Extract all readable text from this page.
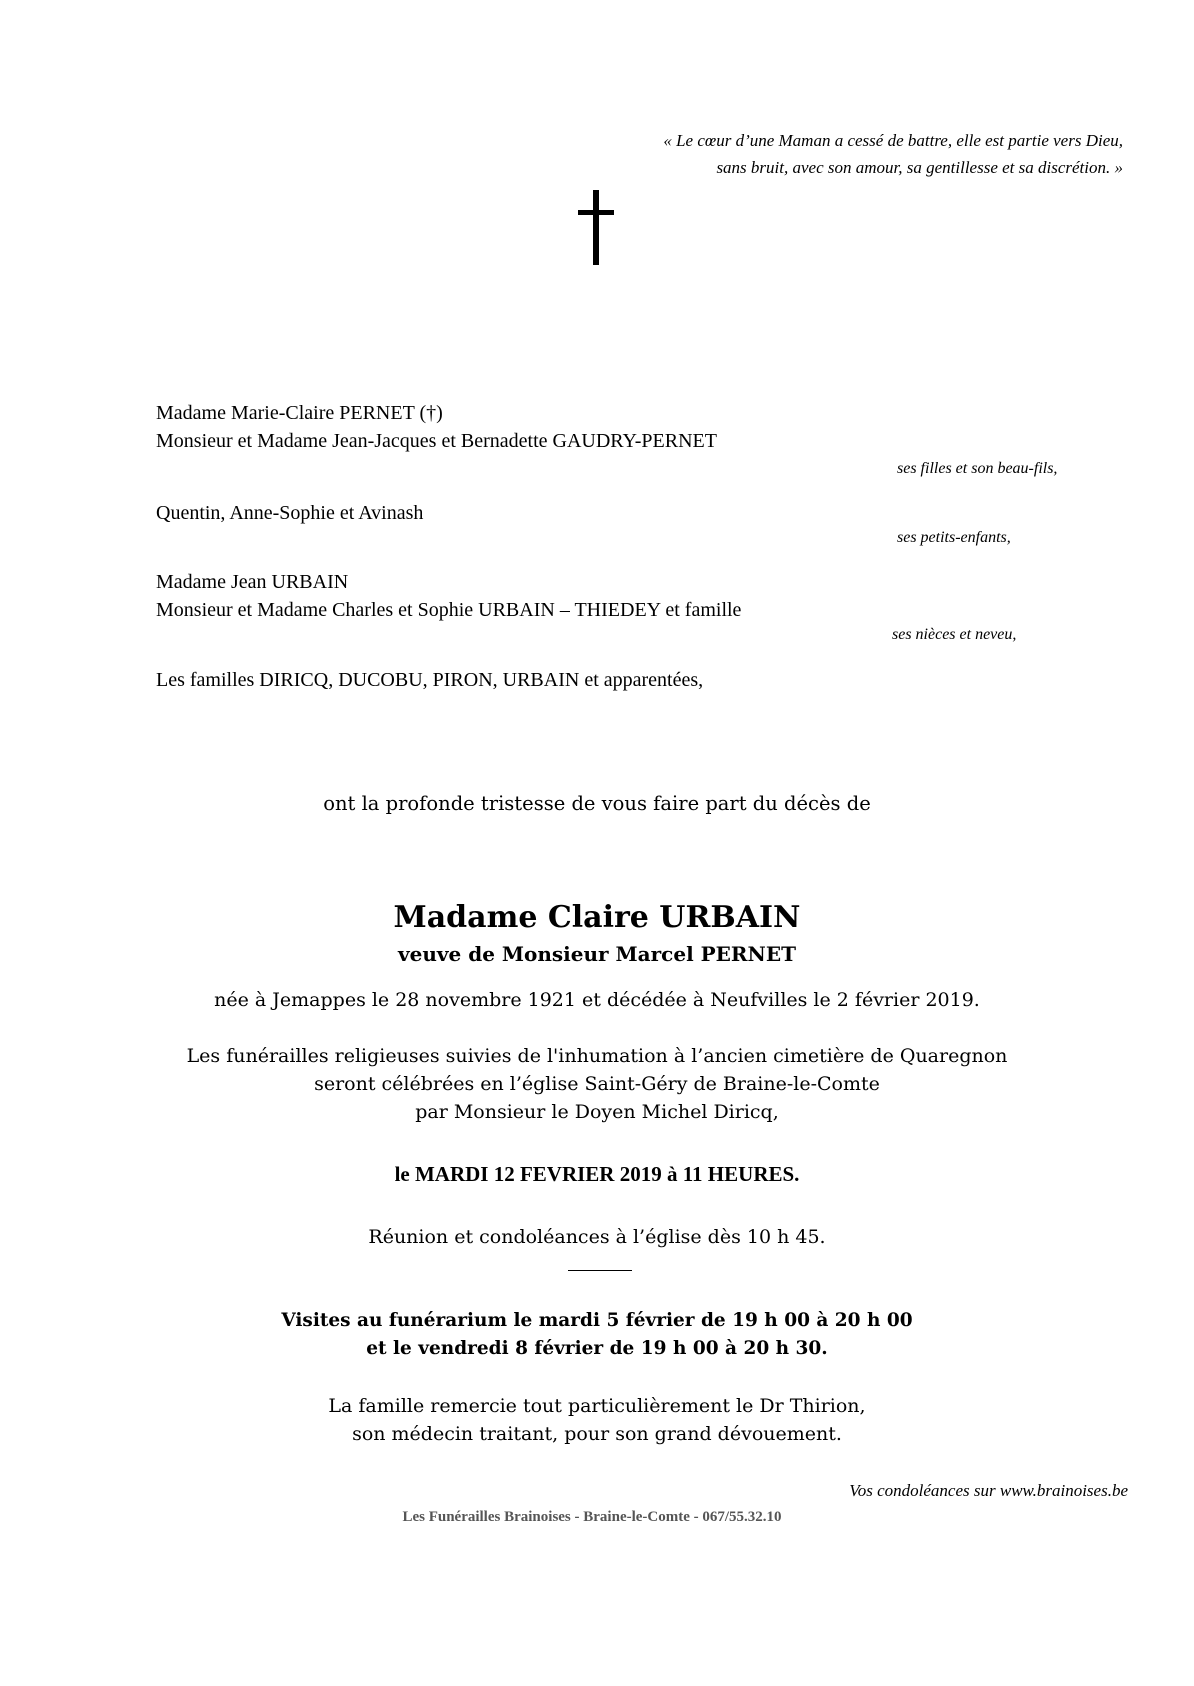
« Le cœur d’une Maman a cessé de battre, elle est partie vers Dieu,
sans bruit, avec son amour, sa gentillesse et sa discrétion. »
Madame Marie-Claire PERNET (†)
Monsieur et Madame Jean-Jacques et Bernadette GAUDRY-PERNET
ses filles et son beau-fils,
Quentin, Anne-Sophie et Avinash
ses petits-enfants,
Madame Jean URBAIN
Monsieur et Madame Charles et Sophie URBAIN – THIEDEY et famille
ses nièces et neveu,
Les familles DIRICQ, DUCOBU, PIRON, URBAIN et apparentées,
ont la profonde tristesse de vous faire part du décès de
Madame Claire URBAIN
veuve de Monsieur Marcel PERNET
née à Jemappes le 28 novembre 1921 et décédée à Neufvilles le 2 février 2019.
Les funérailles religieuses suivies de l'inhumation à l’ancien cimetière de Quaregnon
seront célébrées en l’église Saint-Géry de Braine-le-Comte
par Monsieur le Doyen Michel Diricq,
le MARDI 12 FEVRIER 2019 à 11 HEURES.
Réunion et condoléances à l’église dès 10 h 45.
Visites au funérarium le mardi 5 février de 19 h 00 à 20 h 00
et le vendredi 8 février de 19 h 00 à 20 h 30.
La famille remercie tout particulièrement le Dr Thirion,
son médecin traitant, pour son grand dévouement.
Vos condoléances sur www.brainoises.be
Les Funérailles Brainoises - Braine-le-Comte - 067/55.32.10
